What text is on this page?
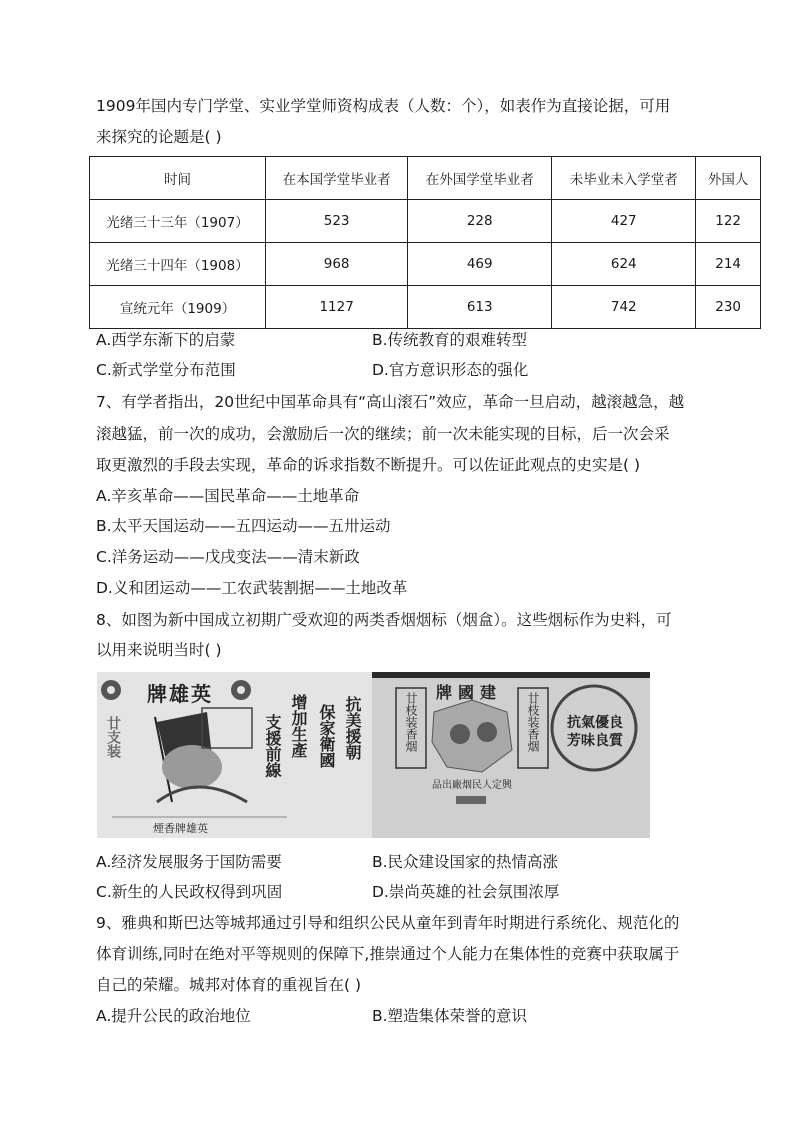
1909年国内专门学堂、实业学堂师资构成表（人数：个），如表作为直接论据，可用
来探究的论题是( )
时间	在本国学堂毕业者	在外国学堂毕业者	未毕业未入学堂者	外国人
光绪三十三年（1907）	523	228	427	122
光绪三十四年（1908）	968	469	624	214
宣统元年（1909）	1127	613	742	230
A.西学东渐下的启蒙	B.传统教育的艰难转型
C.新式学堂分布范围	D.官方意识形态的强化
7、有学者指出，20世纪中国革命具有“高山滚石”效应，革命一旦启动，越滚越急，越
滚越猛，前一次的成功，会激励后一次的继续；前一次未能实现的目标，后一次会采
取更激烈的手段去实现，革命的诉求指数不断提升。可以佐证此观点的史实是( )
A.辛亥革命——国民革命——土地革命
B.太平天国运动——五四运动——五卅运动
C.洋务运动——戊戌变法——清末新政
D.义和团运动——工农武装割据——土地改革
8、如图为新中国成立初期广受欢迎的两类香烟烟标（烟盒）。这些烟标作为史料，可
以用来说明当时( )
牌雄英
廿支装	抗美援朝
保家衛國
增加生產
支援前線
煙香牌雄英
牌國建
廿枝装香烟	廿枝装香烟	抗氣優良 芳味良質
品出廠烟民人定興
A.经济发展服务于国防需要	B.民众建设国家的热情高涨
C.新生的人民政权得到巩固	D.崇尚英雄的社会氛围浓厚
9、雅典和斯巴达等城邦通过引导和组织公民从童年到青年时期进行系统化、规范化的
体育训练,同时在绝对平等规则的保障下,推崇通过个人能力在集体性的竞赛中获取属于
自己的荣耀。城邦对体育的重视旨在( )
A.提升公民的政治地位	B.塑造集体荣誉的意识
